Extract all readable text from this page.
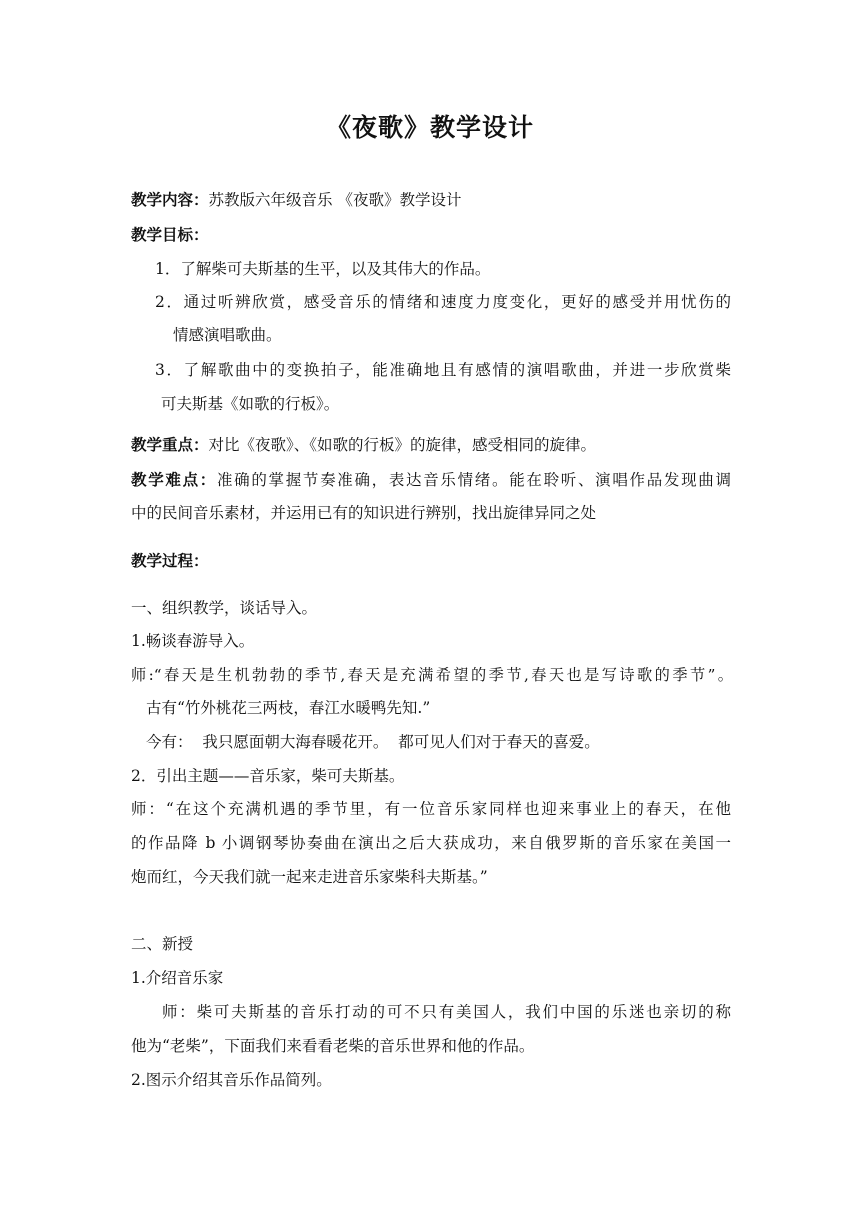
《夜歌》教学设计
教学内容：苏教版六年级音乐 《夜歌》教学设计
教学目标：
1．了解柴可夫斯基的生平，以及其伟大的作品。
2．通过听辨欣赏，感受音乐的情绪和速度力度变化，更好的感受并用忧伤的
情感演唱歌曲。
3．了解歌曲中的变换拍子，能准确地且有感情的演唱歌曲，并进一步欣赏柴
可夫斯基《如歌的行板》。
教学重点：对比《夜歌》、《如歌的行板》的旋律，感受相同的旋律。
教学难点：准确的掌握节奏准确，表达音乐情绪。能在聆听、演唱作品发现曲调
中的民间音乐素材，并运用已有的知识进行辨别，找出旋律异同之处
教学过程：
一、组织教学，谈话导入。
1.畅谈春游导入。
师:“春天是生机勃勃的季节,春天是充满希望的季节,春天也是写诗歌的季节”。
古有“竹外桃花三两枝，春江水暖鸭先知.”
今有：  我只愿面朝大海春暖花开。  都可见人们对于春天的喜爱。
2．引出主题——音乐家，柴可夫斯基。
师：“在这个充满机遇的季节里，有一位音乐家同样也迎来事业上的春天，在他
的作品降 b 小调钢琴协奏曲在演出之后大获成功，来自俄罗斯的音乐家在美国一
炮而红，今天我们就一起来走进音乐家柴科夫斯基。”
二、新授
1.介绍音乐家
师：柴可夫斯基的音乐打动的可不只有美国人，我们中国的乐迷也亲切的称
他为“老柴”，下面我们来看看老柴的音乐世界和他的作品。
2.图示介绍其音乐作品简列。
